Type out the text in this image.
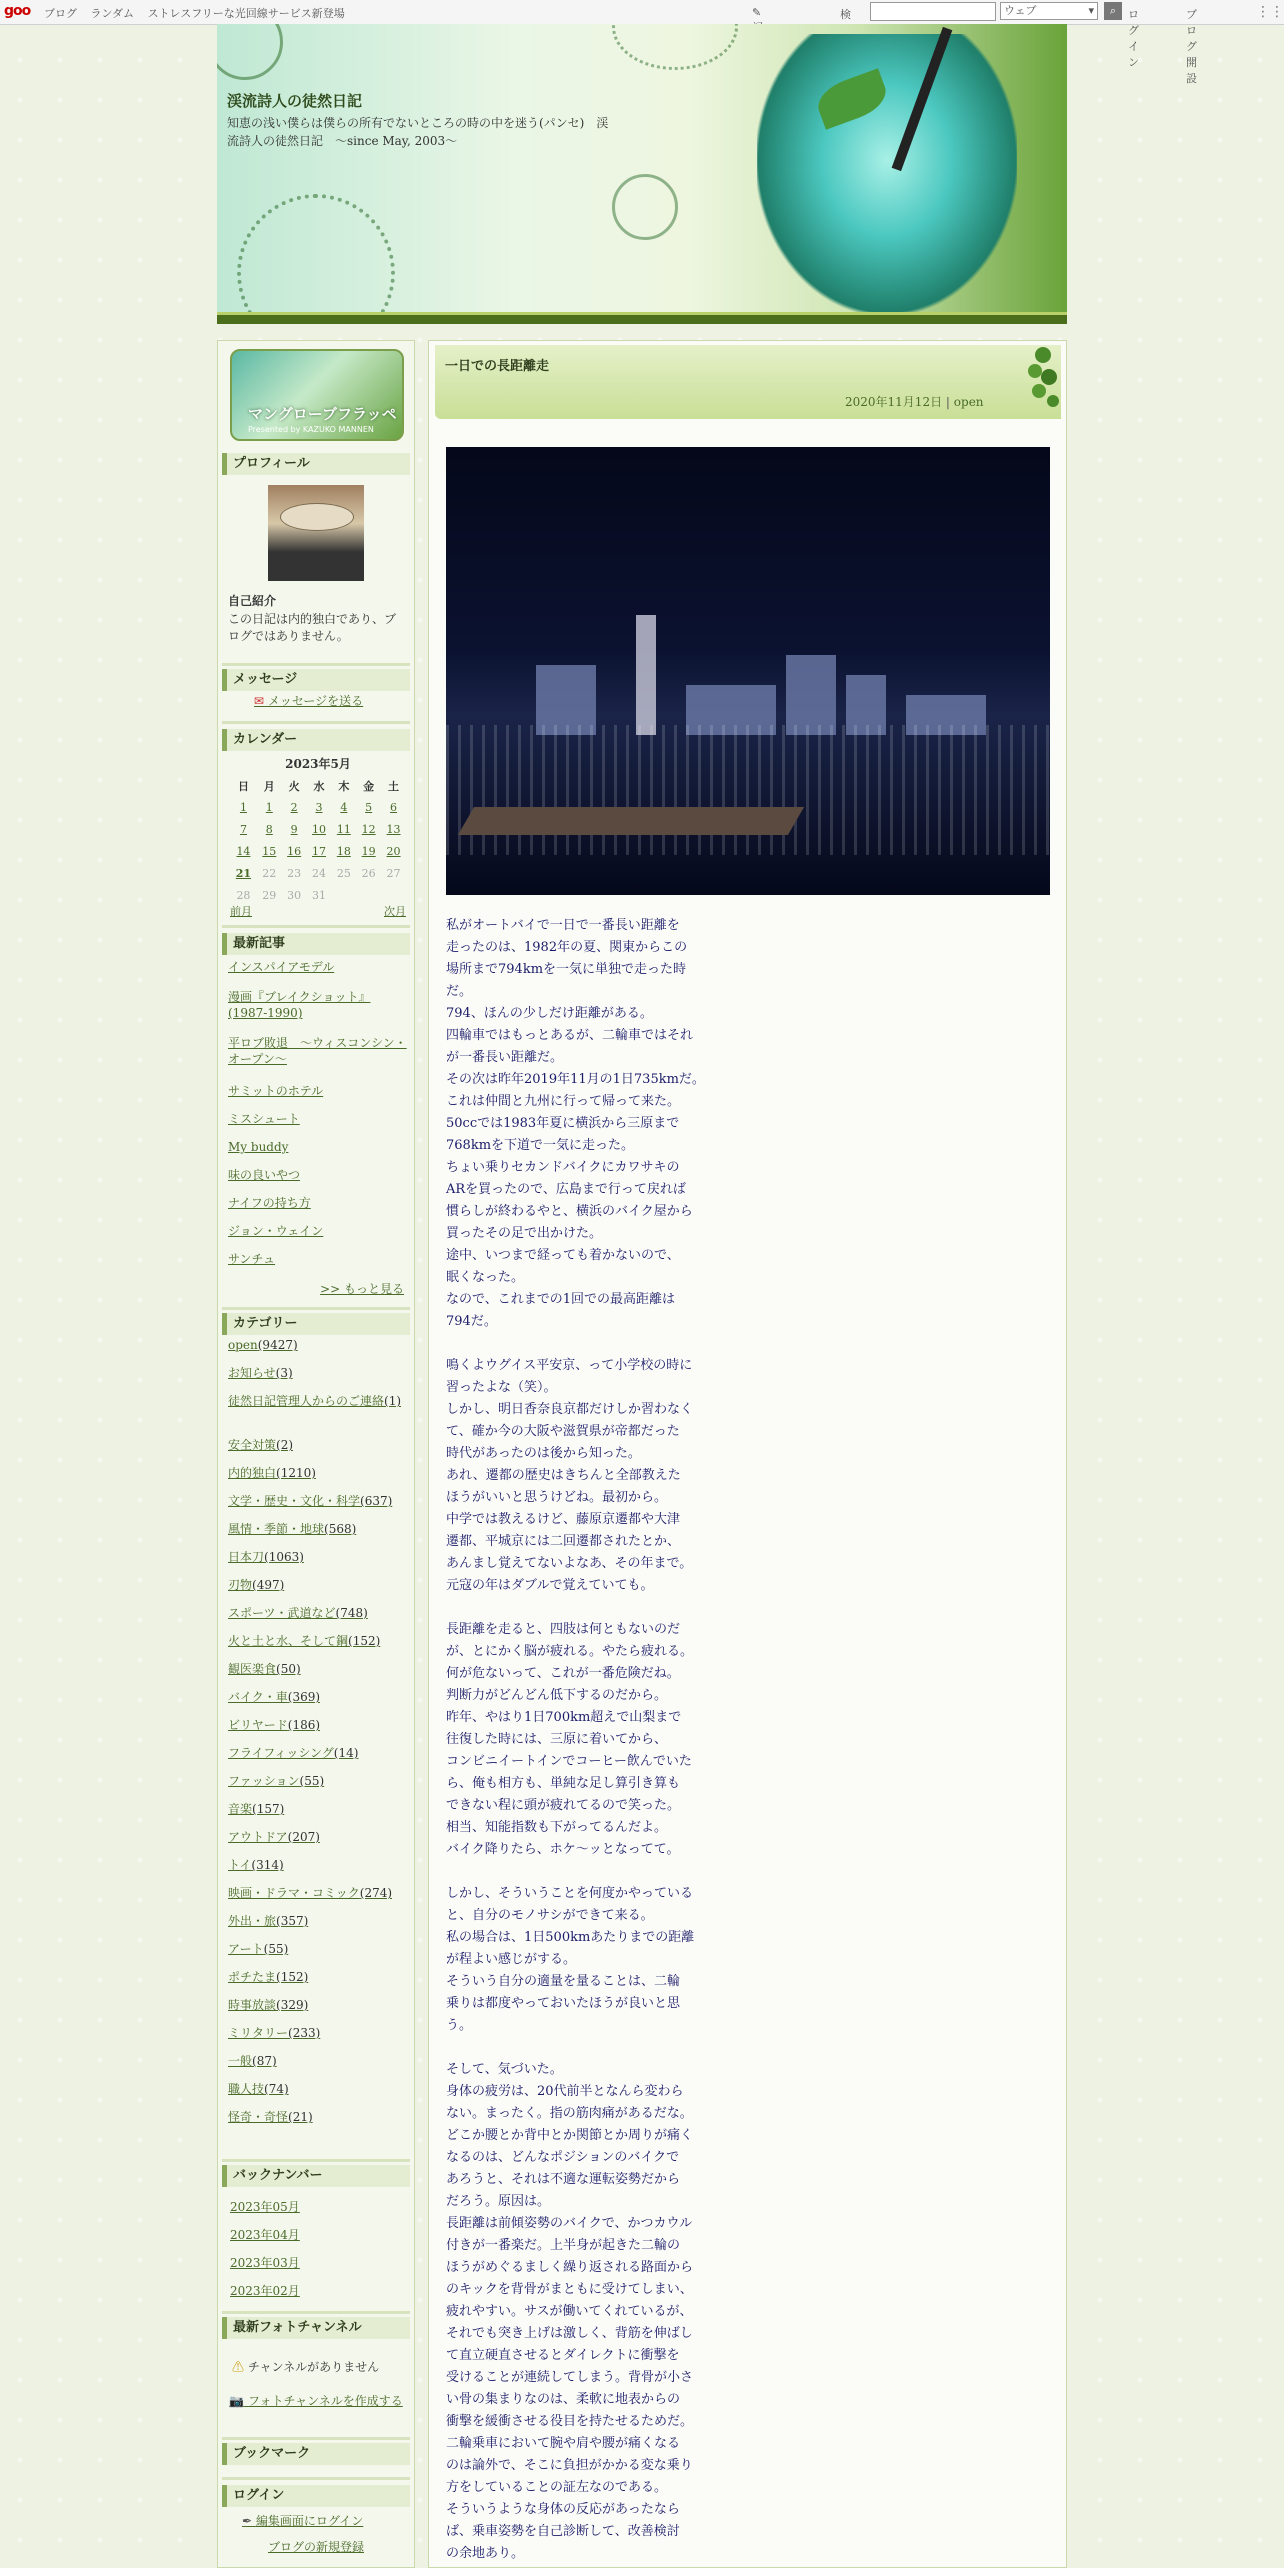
goo ブログ ランダム ストレスフリーな光回線サービス新登場	✎	検	ウェブ ▾	⌕	ログイン
ブログ開設
⋮⋮
渓流詩人の徒然日記
知恵の浅い僕らは僕らの所有でないところの時の中を迷う(パンセ)　渓流詩人の徒然日記　～since May, 2003～
マングローブフラッペ
Presented by KAZUKO MANNEN
プロフィール
自己紹介
この日記は内的独白であり、ブログではありません。
メッセージ
✉ メッセージを送る
カレンダー
2023年5月
日	月	火	水	木	金	土
1	1	2	3	4	5	6
7	8	9	10	11	12	13
14	15	16	17	18	19	20
21	22	23	24	25	26	27
28	29	30	31			
前月	次月
最新記事
インスパイアモデル
漫画『ブレイクショット』(1987-1990)
平ロブ敗退　〜ウィスコンシン・オープン〜
サミットのホテル
ミスシュート
My buddy
味の良いやつ
ナイフの持ち方
ジョン・ウェイン
サンチュ
>> もっと見る
カテゴリー
open(9427)
お知らせ(3)
徒然日記管理人からのご連絡(1)
安全対策(2)
内的独白(1210)
文学・歴史・文化・科学(637)
風情・季節・地球(568)
日本刀(1063)
刃物(497)
スポーツ・武道など(748)
火と土と水、そして鋼(152)
観医楽食(50)
バイク・車(369)
ビリヤード(186)
フライフィッシング(14)
ファッション(55)
音楽(157)
アウトドア(207)
トイ(314)
映画・ドラマ・コミック(274)
外出・旅(357)
アート(55)
ポチたま(152)
時事放談(329)
ミリタリー(233)
一般(87)
職人技(74)
怪奇・奇怪(21)
バックナンバー
2023年05月
2023年04月
2023年03月
2023年02月
最新フォトチャンネル
⚠ チャンネルがありません
📷 フォトチャンネルを作成する
ブックマーク
ログイン
✒ 編集画面にログイン
ブログの新規登録
一日での長距離走
2020年11月12日 | open
私がオートバイで一日で一番長い距離を
走ったのは、1982年の夏、関東からこの
場所まで794kmを一気に単独で走った時
だ。
794、ほんの少しだけ距離がある。
四輪車ではもっとあるが、二輪車ではそれ
が一番長い距離だ。
その次は昨年2019年11月の1日735kmだ。
これは仲間と九州に行って帰って来た。
50ccでは1983年夏に横浜から三原まで
768kmを下道で一気に走った。
ちょい乗りセカンドバイクにカワサキの
ARを買ったので、広島まで行って戻れば
慣らしが終わるやと、横浜のバイク屋から
買ったその足で出かけた。
途中、いつまで経っても着かないので、
眠くなった。
なので、これまでの1回での最高距離は
794だ。

鳴くよウグイス平安京、って小学校の時に
習ったよな（笑）。
しかし、明日香奈良京都だけしか習わなく
て、確か今の大阪や滋賀県が帝都だった
時代があったのは後から知った。
あれ、遷都の歴史はきちんと全部教えた
ほうがいいと思うけどね。最初から。
中学では教えるけど、藤原京遷都や大津
遷都、平城京には二回遷都されたとか、
あんまし覚えてないよなあ、その年まで。
元寇の年はダブルで覚えていても。

長距離を走ると、四肢は何ともないのだ
が、とにかく脳が疲れる。やたら疲れる。
何が危ないって、これが一番危険だね。
判断力がどんどん低下するのだから。
昨年、やはり1日700km超えで山梨まで
往復した時には、三原に着いてから、
コンビニイートインでコーヒー飲んでいた
ら、俺も相方も、単純な足し算引き算も
できない程に頭が疲れてるので笑った。
相当、知能指数も下がってるんだよ。
バイク降りたら、ホケ〜ッとなってて。

しかし、そういうことを何度かやっている
と、自分のモノサシができて来る。
私の場合は、1日500kmあたりまでの距離
が程よい感じがする。
そういう自分の適量を量ることは、二輪
乗りは都度やっておいたほうが良いと思
う。

そして、気づいた。
身体の疲労は、20代前半となんら変わら
ない。まったく。指の筋肉痛があるだな。
どこか腰とか背中とか関節とか周りが痛く
なるのは、どんなポジションのバイクで
あろうと、それは不適な運転姿勢だから
だろう。原因は。
長距離は前傾姿勢のバイクで、かつカウル
付きが一番楽だ。上半身が起きた二輪の
ほうがめぐるましく繰り返される路面から
のキックを背骨がまともに受けてしまい、
疲れやすい。サスが働いてくれているが、
それでも突き上げは激しく、背筋を伸ばし
て直立硬直させるとダイレクトに衝撃を
受けることが連続してしまう。背骨が小さ
い骨の集まりなのは、柔軟に地表からの
衝撃を緩衝させる役目を持たせるためだ。
二輪乗車において腕や肩や腰が痛くなる
のは論外で、そこに負担がかかる変な乗り
方をしていることの証左なのである。
そういうような身体の反応があったなら
ば、乗車姿勢を自己診断して、改善検討
の余地あり。
